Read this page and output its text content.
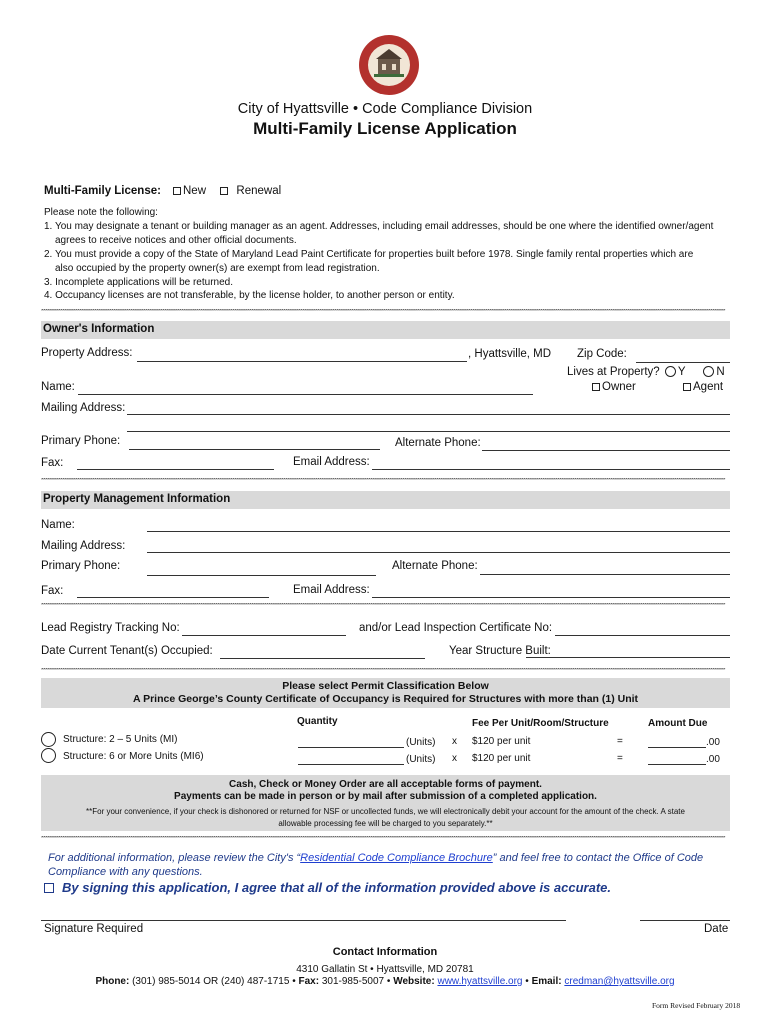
City of Hyattsville • Code Compliance Division
Multi-Family License Application
Multi-Family License:	New	Renewal
Please note the following:
1. You may designate a tenant or building manager as an agent. Addresses, including email addresses, should be one where the identified owner/agent
agrees to receive notices and other official documents.
2. You must provide a copy of the State of Maryland Lead Paint Certificate for properties built before 1978. Single family rental properties which are
also occupied by the property owner(s) are exempt from lead registration.
3. Incomplete applications will be returned.
4. Occupancy licenses are not transferable, by the license holder, to another person or entity.
**********************************************************************************************************************************************************************************************************************************************************************************************************************************
Owner's Information
Property Address:	, Hyattsville, MD Zip Code:
Lives at Property? Y	N
Name:	Owner	Agent
Mailing Address:
Primary Phone:	Alternate Phone:
Fax:	Email Address:
**********************************************************************************************************************************************************************************************************************************************************************************************************************************
Property Management Information
Name:
Mailing Address:
Primary Phone:	Alternate Phone:
Fax:	Email Address:
**********************************************************************************************************************************************************************************************************************************************************************************************************************************
Lead Registry Tracking No:	and/or Lead Inspection Certificate No:
Date Current Tenant(s) Occupied:	Year Structure Built:
**********************************************************************************************************************************************************************************************************************************************************************************************************************************
Please select Permit Classification Below
A Prince George’s County Certificate of Occupancy is Required for Structures with more than (1) Unit
Quantity	Fee Per Unit/Room/Structure	Amount Due
Structure: 2 – 5 Units (MI)	(Units) x $120 per unit	=	.00
Structure: 6 or More Units (MI6)	(Units) x $120 per unit	=	.00
Cash, Check or Money Order are all acceptable forms of payment.
Payments can be made in person or by mail after submission of a completed application.
**For your convenience, if your check is dishonored or returned for NSF or uncollected funds, we will electronically debit your account for the amount of the check. A state
allowable processing fee will be charged to you separately.**
**********************************************************************************************************************************************************************************************************************************************************************************************************************************
For additional information, please review the City's “Residential Code Compliance Brochure” and feel free to contact the Office of Code
Compliance with any questions.
By signing this application, I agree that all of the information provided above is accurate.
Signature Required	Date
Contact Information
4310 Gallatin St • Hyattsville, MD 20781
Phone: (301) 985-5014 OR (240) 487-1715 • Fax: 301-985-5007 • Website: www.hyattsville.org • Email: credman@hyattsville.org
Form Revised February 2018
